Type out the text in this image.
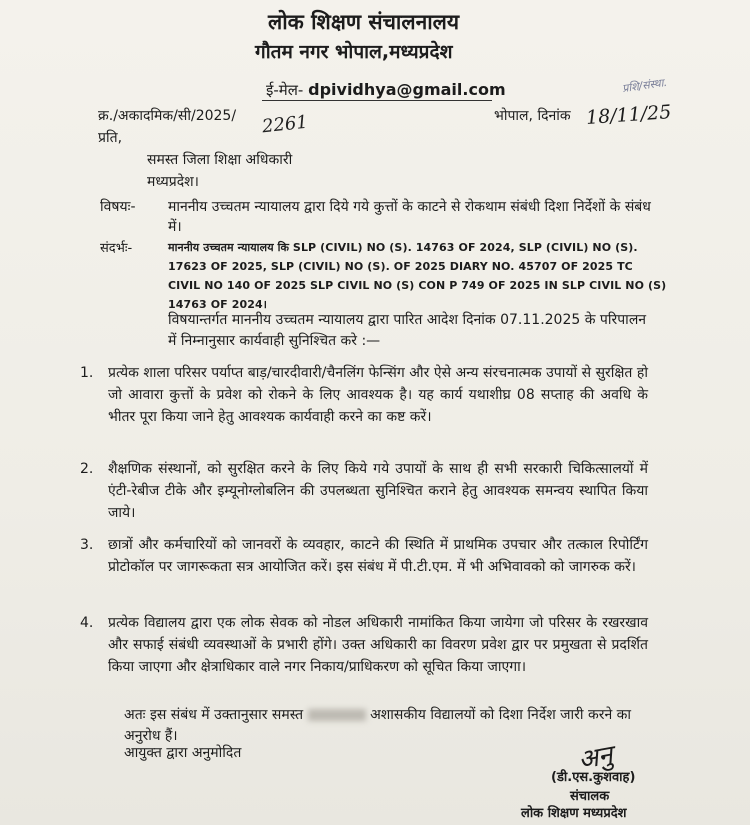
लोक शिक्षण संचालनालय
गौतम नगर भोपाल,मध्यप्रदेश
ई-मेल- dpividhya@gmail.com	प्रशि/संस्था.
क्र./अकादमिक/सी/2025/ 2261	भोपाल, दिनांक 18/11/25
प्रति,
समस्त जिला शिक्षा अधिकारी
मध्यप्रदेश।
विषयः- माननीय उच्चतम न्यायालय द्वारा दिये गये कुत्तों के काटने से रोकथाम संबंधी दिशा निर्देशों के संबंध में।
संदर्भः-	माननीय उच्चतम न्यायालय कि SLP (CIVIL) NO (S). 14763 OF 2024, SLP (CIVIL) NO (S). 17623 OF 2025, SLP (CIVIL) NO (S). OF 2025 DIARY NO. 45707 OF 2025 TC CIVIL NO 140 OF 2025 SLP CIVIL NO (S) CON P 749 OF 2025 IN SLP CIVIL NO (S) 14763 OF 2024।
विषयान्तर्गत माननीय उच्चतम न्यायालय द्वारा पारित आदेश दिनांक 07.11.2025 के परिपालन में निम्नानुसार कार्यवाही सुनिश्चित करे :—
1. प्रत्येक शाला परिसर पर्याप्त बाड़/चारदीवारी/चैनलिंग फेन्सिंग और ऐसे अन्य संरचनात्मक उपायों से सुरक्षित हो जो आवारा कुत्तों के प्रवेश को रोकने के लिए आवश्यक है। यह कार्य यथाशीघ्र 08 सप्ताह की अवधि के भीतर पूरा किया जाने हेतु आवश्यक कार्यवाही करने का कष्ट करें।
2. शैक्षणिक संस्थानों, को सुरक्षित करने के लिए किये गये उपायों के साथ ही सभी सरकारी चिकित्सालयों में एंटी-रेबीज टीके और इम्यूनोग्लोबलिन की उपलब्धता सुनिश्चित कराने हेतु आवश्यक समन्वय स्थापित किया जाये।
3. छात्रों और कर्मचारियों को जानवरों के व्यवहार, काटने की स्थिति में प्राथमिक उपचार और तत्काल रिपोर्टिंग प्रोटोकॉल पर जागरूकता सत्र आयोजित करें। इस संबंध में पी.टी.एम. में भी अभिवावको को जागरुक करें।
4. प्रत्येक विद्यालय द्वारा एक लोक सेवक को नोडल अधिकारी नामांकित किया जायेगा जो परिसर के रखरखाव और सफाई संबंधी व्यवस्थाओं के प्रभारी होंगे। उक्त अधिकारी का विवरण प्रवेश द्वार पर प्रमुखता से प्रदर्शित किया जाएगा और क्षेत्राधिकार वाले नगर निकाय/प्राधिकरण को सूचित किया जाएगा।
अतः इस संबंध में उक्तानुसार समस्त	अशासकीय विद्यालयों को दिशा निर्देश जारी करने का अनुरोध हैं।
आयुक्त द्वारा अनुमोदित	अनु
(डी.एस.कुशवाह)
संचालक
लोक शिक्षण मध्यप्रदेश
